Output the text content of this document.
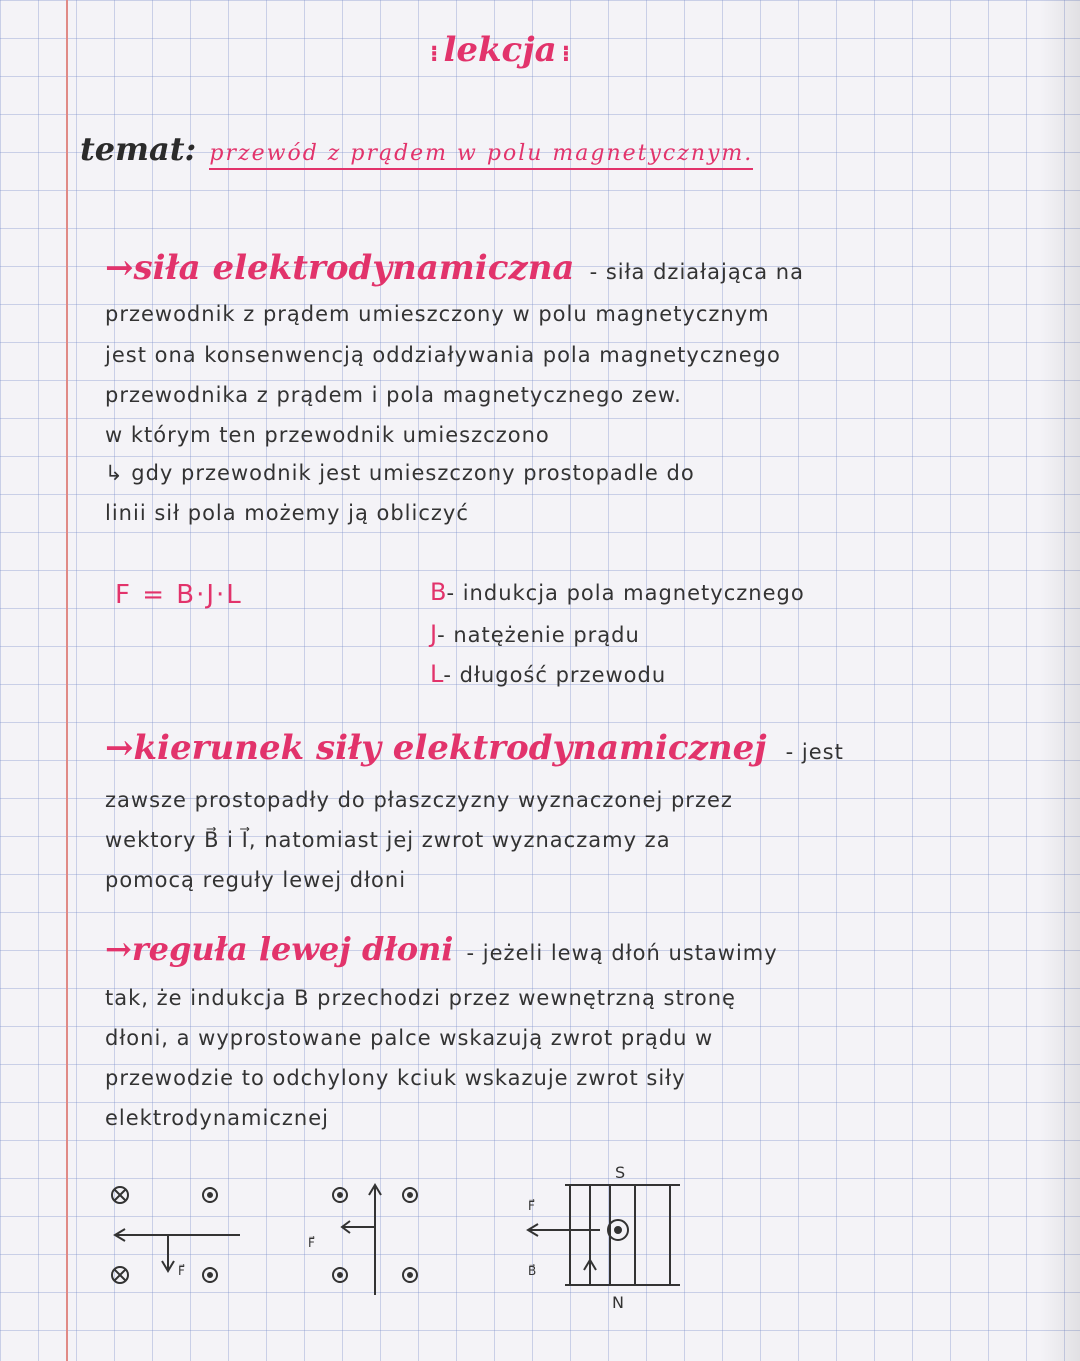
⁝ lekcja ⁝
temat: przewód z prądem w polu magnetycznym.
→siła elektrodynamiczna - siła działająca na
przewodnik z prądem umieszczony w polu magnetycznym
jest ona konsenwencją oddziaływania pola magnetycznego
przewodnika z prądem i pola magnetycznego zew.
w którym ten przewodnik umieszczono
↳ gdy przewodnik jest umieszczony prostopadle do
linii sił pola możemy ją obliczyć
F = B·J·L	B- indukcja pola magnetycznego
J- natężenie prądu
L- długość przewodu
→kierunek siły elektrodynamicznej - jest
zawsze prostopadły do płaszczyzny wyznaczonej przez
wektory B⃗ i I⃗, natomiast jej zwrot wyznaczamy za
pomocą reguły lewej dłoni
→reguła lewej dłoni - jeżeli lewą dłoń ustawimy
tak, że indukcja B przechodzi przez wewnętrzną stronę
dłoni, a wyprostowane palce wskazują zwrot prądu w
przewodzie to odchylony kciuk wskazuje zwrot siły
elektrodynamicznej
F⃗
F⃗
S
N
F⃗
B⃗
